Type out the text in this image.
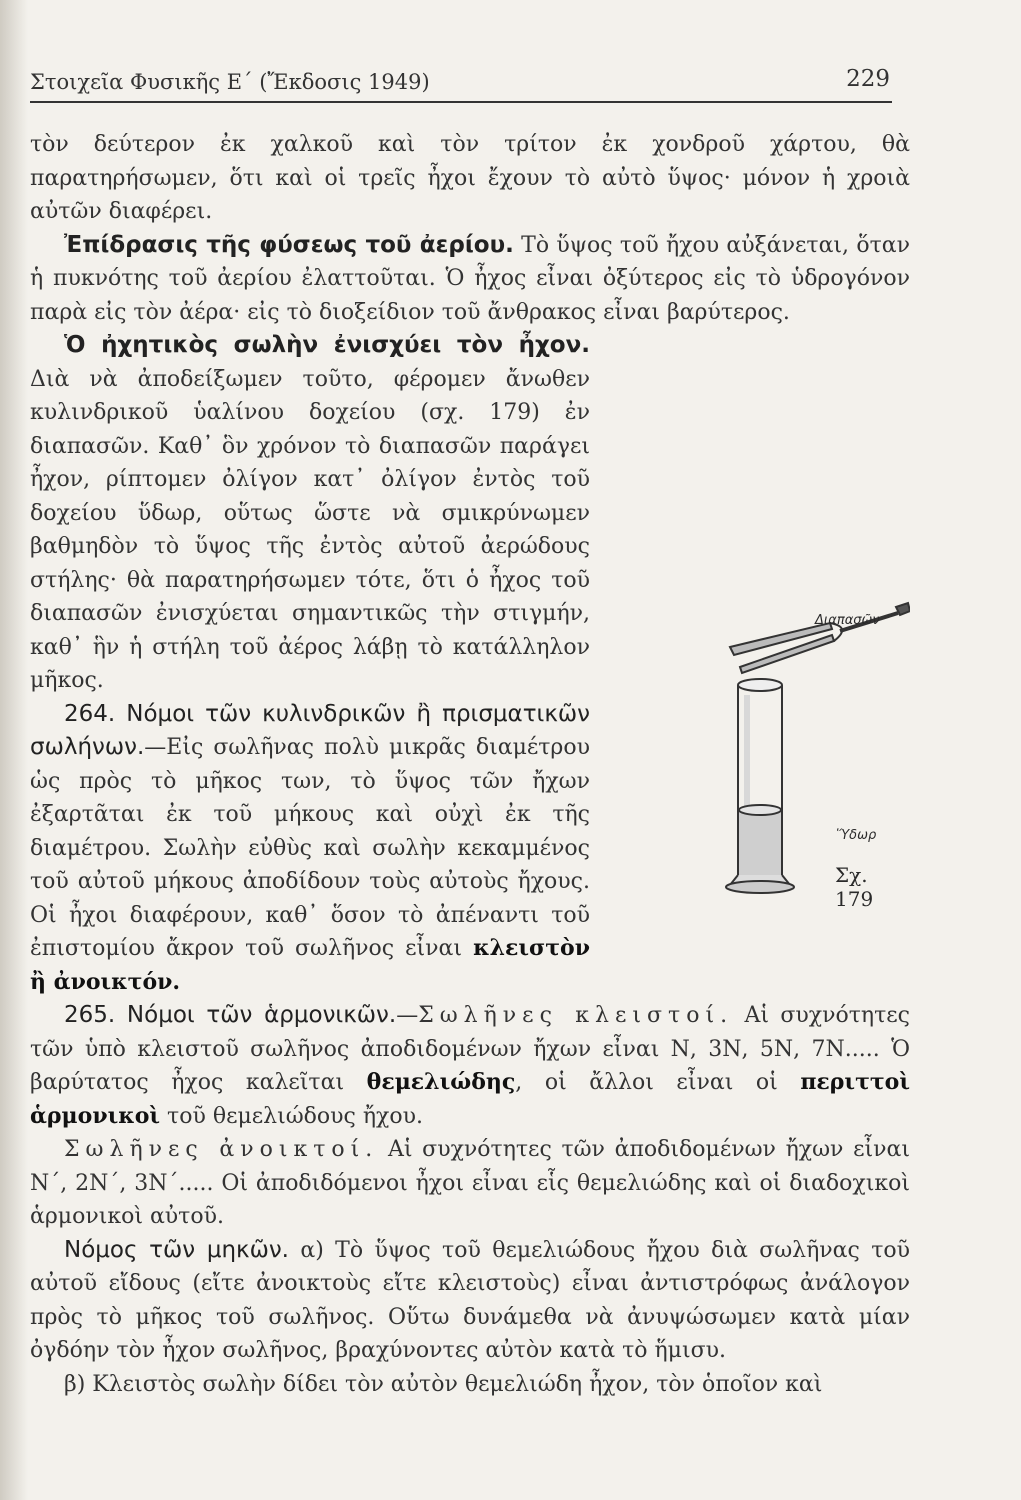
Στοιχεῖα Φυσικῆς Ε΄ (Ἔκδοσις 1949)	229

τὸν δεύτερον ἐκ χαλκοῦ καὶ τὸν τρίτον ἐκ χονδροῦ χάρτου, θὰ παρατηρήσωμεν, ὅτι καὶ οἱ τρεῖς ἦχοι ἔχουν τὸ αὐτὸ ὕψος· μόνον ἡ χροιὰ αὐτῶν διαφέρει.

Ἐπίδρασις τῆς φύσεως τοῦ ἀερίου. Τὸ ὕψος τοῦ ἤχου αὐξάνεται, ὅταν ἡ πυκνότης τοῦ ἀερίου ἐλαττοῦται. Ὁ ἦχος εἶναι ὀξύτερος εἰς τὸ ὑδρογόνον παρὰ εἰς τὸν ἀέρα· εἰς τὸ διοξείδιον τοῦ ἄνθρακος εἶναι βαρύτερος.

Ὁ ἠχητικὸς σωλὴν ἐνισχύει τὸν ἦχον. Διὰ νὰ ἀποδείξωμεν τοῦτο, φέρομεν ἄνωθεν κυλινδρικοῦ ὑαλίνου δοχείου (σχ. 179) ἐν διαπασῶν. Καθ᾽ ὃν χρόνον τὸ διαπασῶν παράγει ἦχον, ρίπτομεν ὀλίγον κατ᾽ ὀλίγον ἐντὸς τοῦ δοχείου ὕδωρ, οὕτως ὥστε νὰ σμικρύνωμεν βαθμηδὸν τὸ ὕψος τῆς ἐντὸς αὐτοῦ ἀερώδους στήλης· θὰ παρατηρήσωμεν τότε, ὅτι ὁ ἦχος τοῦ διαπασῶν ἐνισχύεται σημαντικῶς τὴν στιγμήν, καθ᾽ ἣν ἡ στήλη τοῦ ἀέρος λάβῃ τὸ κατάλληλον μῆκος.

264. Νόμοι τῶν κυλινδρικῶν ἢ πρισματικῶν σωλήνων.—Εἰς σωλῆνας πολὺ μικρᾶς διαμέτρου ὡς πρὸς τὸ μῆκος των, τὸ ὕψος τῶν ἤχων ἐξαρτᾶται ἐκ τοῦ μήκους καὶ οὐχὶ ἐκ τῆς διαμέτρου. Σωλὴν εὐθὺς καὶ σωλὴν κεκαμμένος τοῦ αὐτοῦ μήκους ἀποδίδουν τοὺς αὐτοὺς ἤχους. Οἱ ἦχοι διαφέρουν, καθ᾽ ὅσον τὸ ἀπέναντι τοῦ ἐπιστομίου ἄκρον τοῦ σωλῆνος εἶναι κλειστὸν ἢ ἀνοικτόν.

265. Νόμοι τῶν ἁρμονικῶν.—Σωλῆνες κλειστοί. Αἱ συχνότητες τῶν ὑπὸ κλειστοῦ σωλῆνος ἀποδιδομένων ἤχων εἶναι Ν, 3Ν, 5Ν, 7Ν..... Ὁ βαρύτατος ἦχος καλεῖται θεμελιώδης, οἱ ἄλλοι εἶναι οἱ περιττοὶ ἁρμονικοὶ τοῦ θεμελιώδους ἤχου.

Σωλῆνες ἀνοικτοί. Αἱ συχνότητες τῶν ἀποδιδομένων ἤχων εἶναι Ν΄, 2Ν΄, 3Ν΄..... Οἱ ἀποδιδόμενοι ἦχοι εἶναι εἷς θεμελιώδης καὶ οἱ διαδοχικοὶ ἁρμονικοὶ αὐτοῦ.

Νόμος τῶν μηκῶν. α) Τὸ ὕψος τοῦ θεμελιώδους ἤχου διὰ σωλῆνας τοῦ αὐτοῦ εἴδους (εἴτε ἀνοικτοὺς εἴτε κλειστοὺς) εἶναι ἀντιστρόφως ἀνάλογον πρὸς τὸ μῆκος τοῦ σωλῆνος. Οὕτω δυνάμεθα νὰ ἀνυψώσωμεν κατὰ μίαν ὀγδόην τὸν ἦχον σωλῆνος, βραχύνοντες αὐτὸν κατὰ τὸ ἥμισυ.

β) Κλειστὸς σωλὴν δίδει τὸν αὐτὸν θεμελιώδη ἦχον, τὸν ὁποῖον καὶ

Διαπασῶν
Ὕδωρ
Σχ. 179
